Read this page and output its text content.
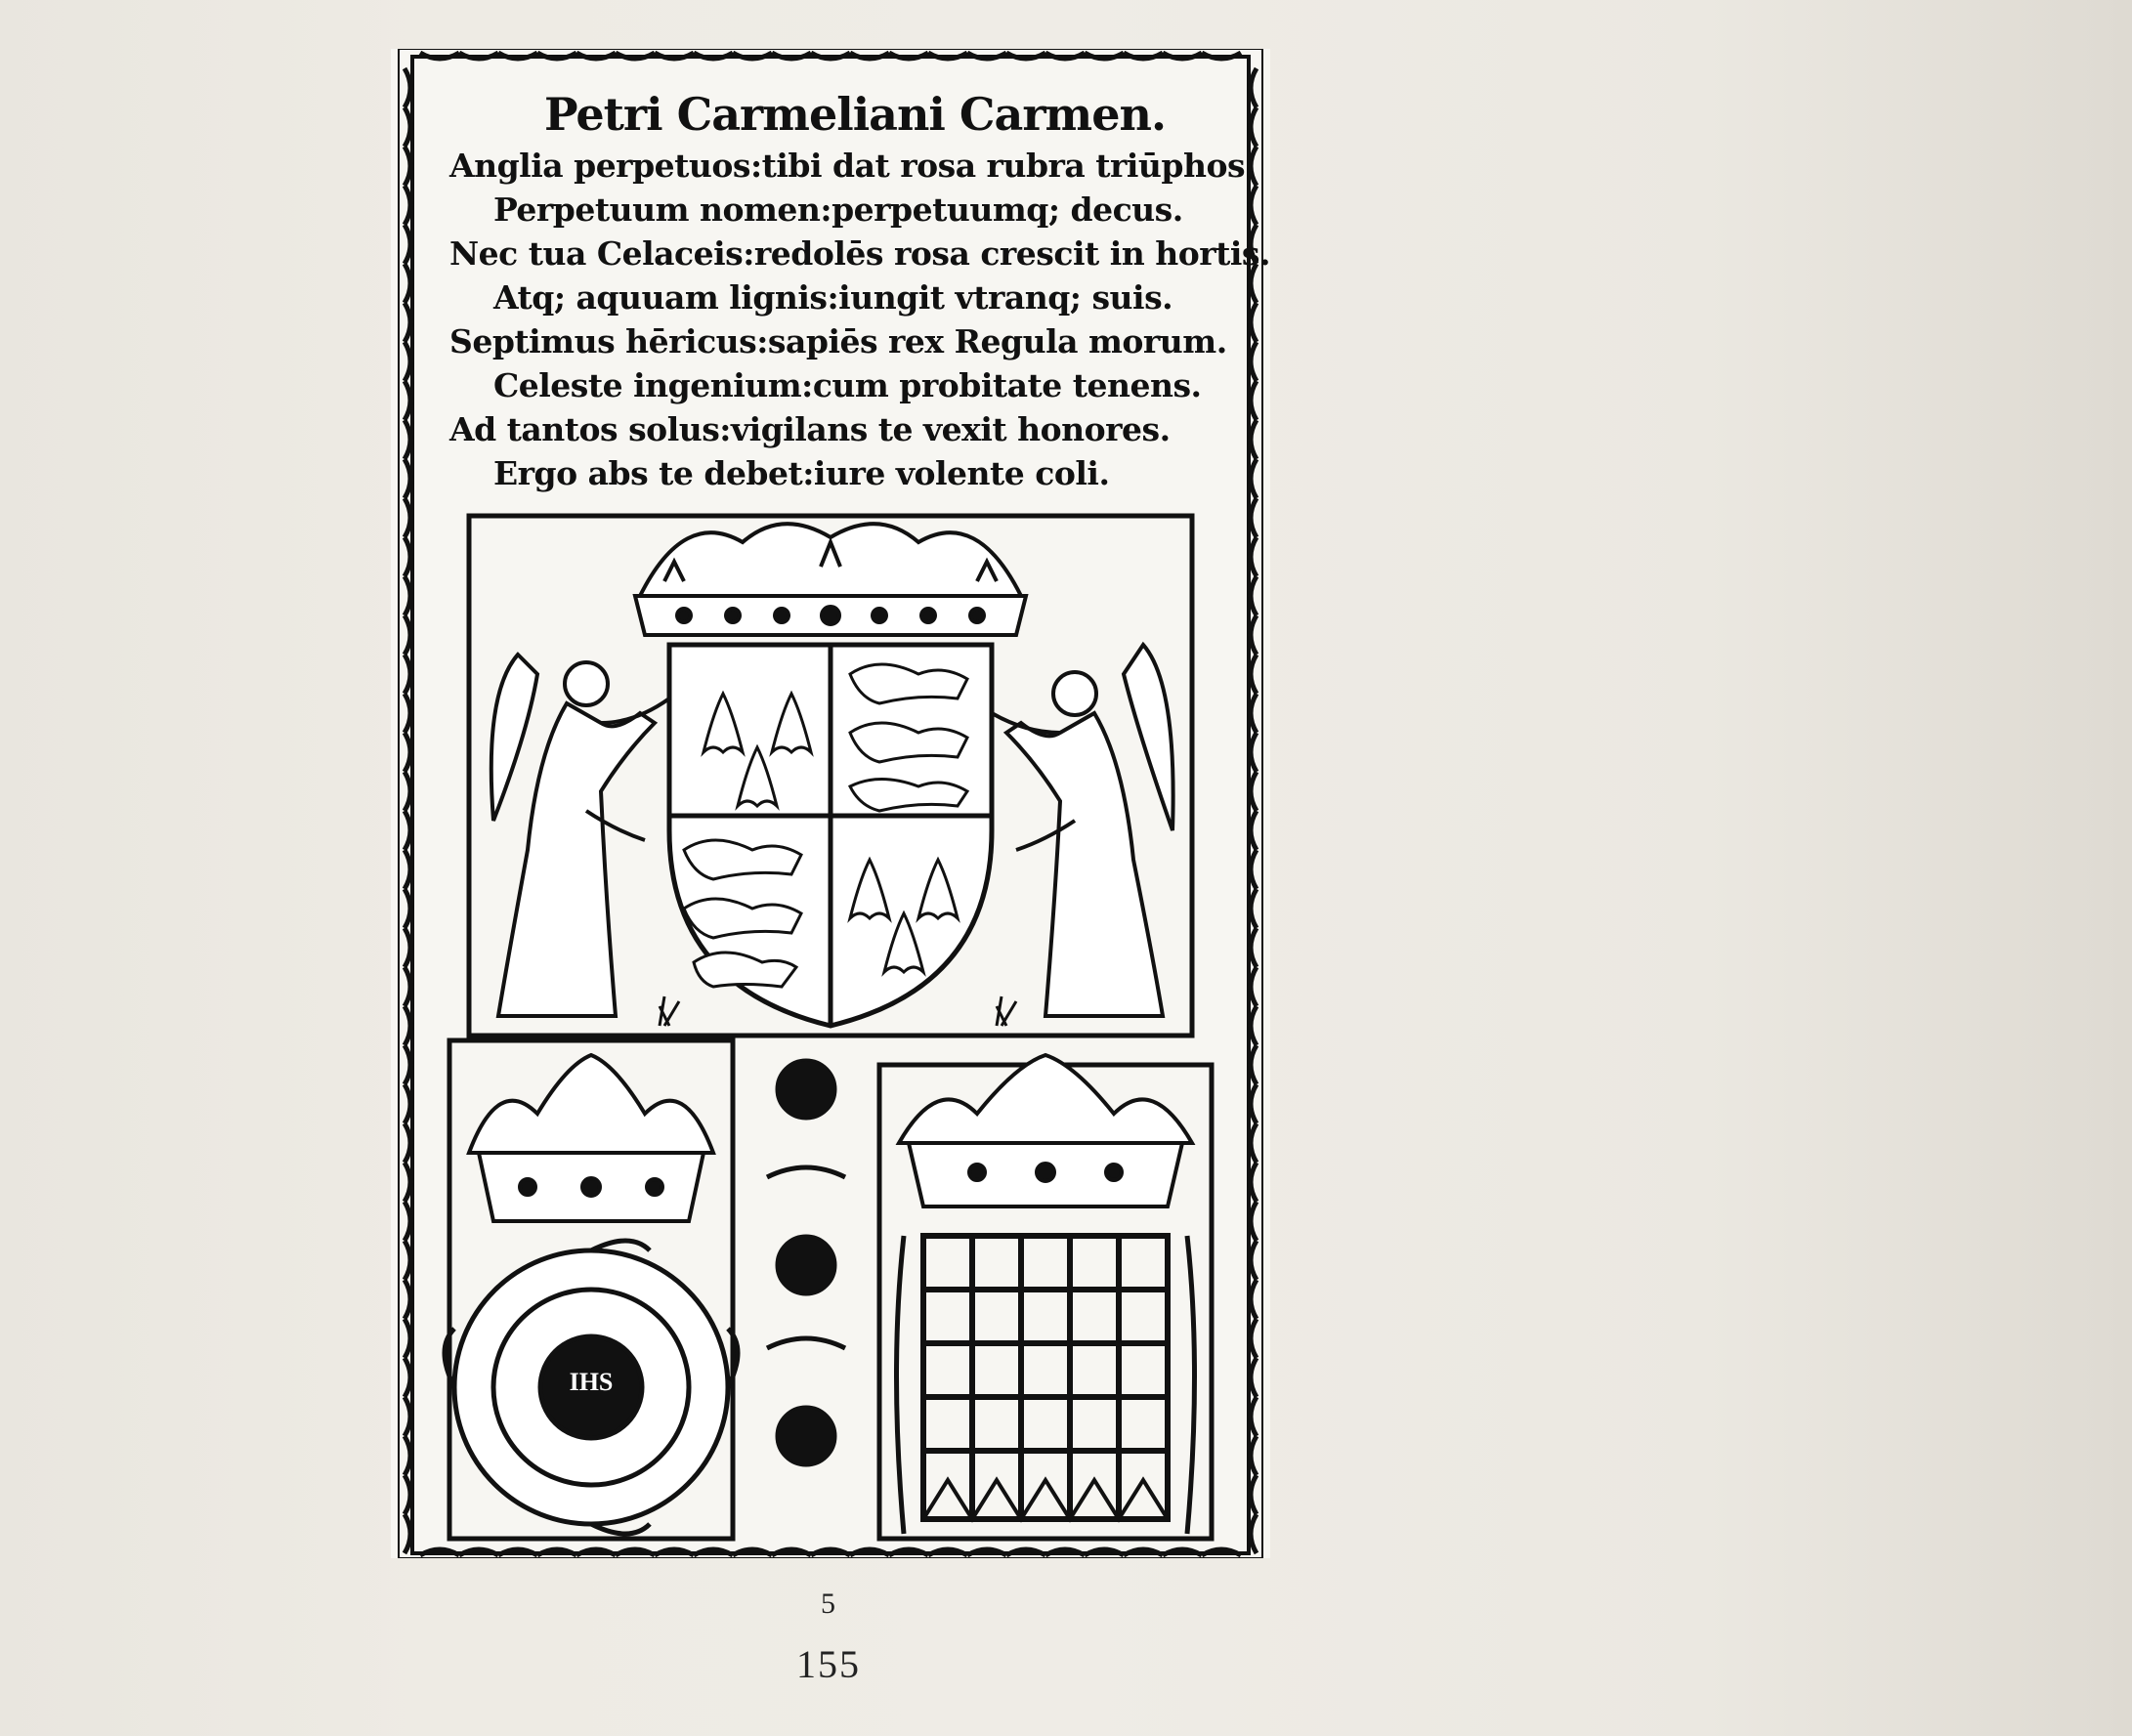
Petri Carmeliani Carmen.
Anglia perpetuos:tibi dat rosa rubra triūphos.
Perpetuum nomen:perpetuumq; decus.
Nec tua Celaceis:redolēs rosa crescit in hortis.
Atq; aquuam lignis:iungit vtranq; suis.
Septimus hēricus:sapiēs rex Regula morum.
Celeste ingenium:cum probitate tenens.
Ad tantos solus:vigilans te vexit honores.
Ergo abs te debet:iure volente coli.
IHS
5
155
